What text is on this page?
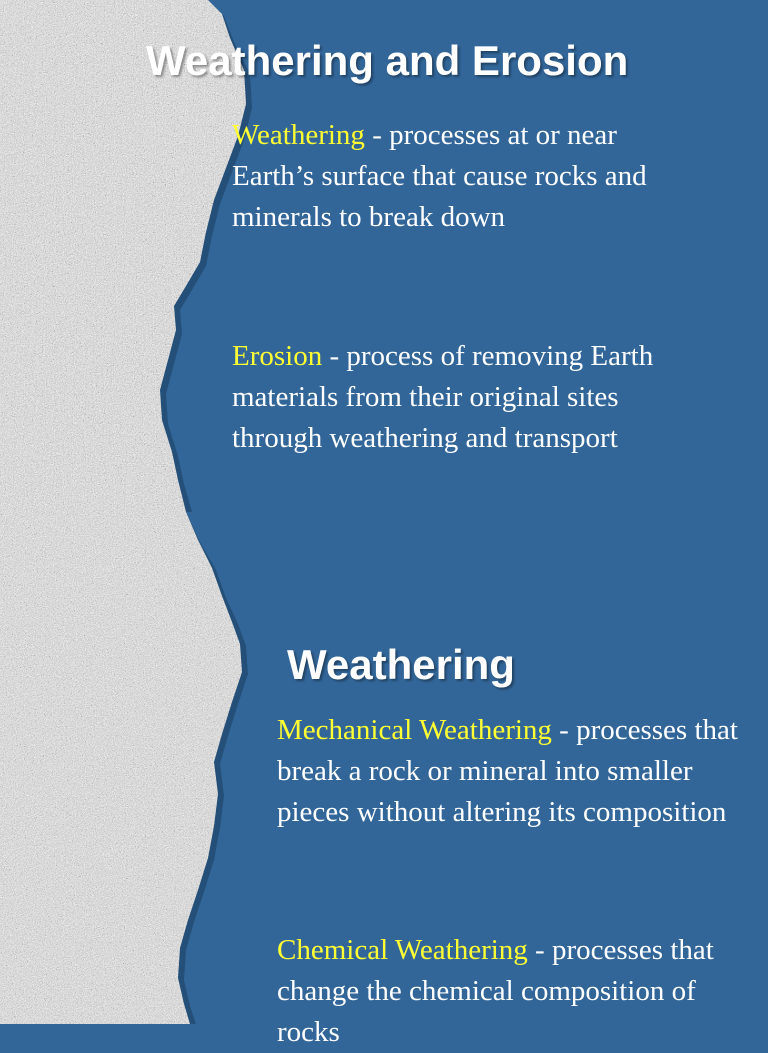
Weathering and Erosion

Weathering - processes at or near Earth’s surface that cause rocks and minerals to break down

Erosion - process of removing Earth materials from their original sites through weathering and transport

Weathering

Mechanical Weathering - processes that break a rock or mineral into smaller pieces without altering its composition

Chemical Weathering - processes that change the chemical composition of rocks
